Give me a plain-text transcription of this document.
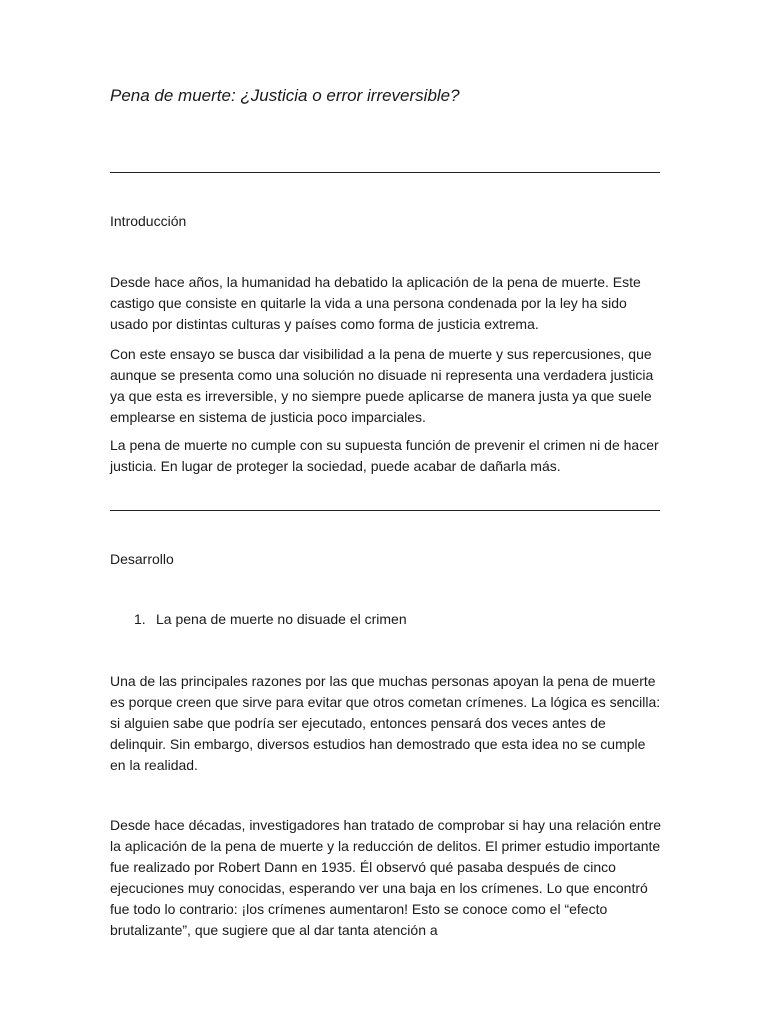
Pena de muerte: ¿Justicia o error irreversible?
Introducción

Desde hace años, la humanidad ha debatido la aplicación de la pena de muerte. Este castigo que consiste en quitarle la vida a una persona condenada por la ley ha sido usado por distintas culturas y países como forma de justicia extrema.

Con este ensayo se busca dar visibilidad a la pena de muerte y sus repercusiones, que aunque se presenta como una solución no disuade ni representa una verdadera justicia ya que esta es irreversible, y no siempre puede aplicarse de manera justa ya que suele emplearse en sistema de justicia poco imparciales.

La pena de muerte no cumple con su supuesta función de prevenir el crimen ni de hacer justicia. En lugar de proteger la sociedad, puede acabar de dañarla más.

Desarrollo
1. La pena de muerte no disuade el crimen

Una de las principales razones por las que muchas personas apoyan la pena de muerte es porque creen que sirve para evitar que otros cometan crímenes. La lógica es sencilla: si alguien sabe que podría ser ejecutado, entonces pensará dos veces antes de delinquir. Sin embargo, diversos estudios han demostrado que esta idea no se cumple en la realidad.

Desde hace décadas, investigadores han tratado de comprobar si hay una relación entre la aplicación de la pena de muerte y la reducción de delitos. El primer estudio importante fue realizado por Robert Dann en 1935. Él observó qué pasaba después de cinco ejecuciones muy conocidas, esperando ver una baja en los crímenes. Lo que encontró fue todo lo contrario: ¡los crímenes aumentaron! Esto se conoce como el “efecto brutalizante”, que sugiere que al dar tanta atención a
